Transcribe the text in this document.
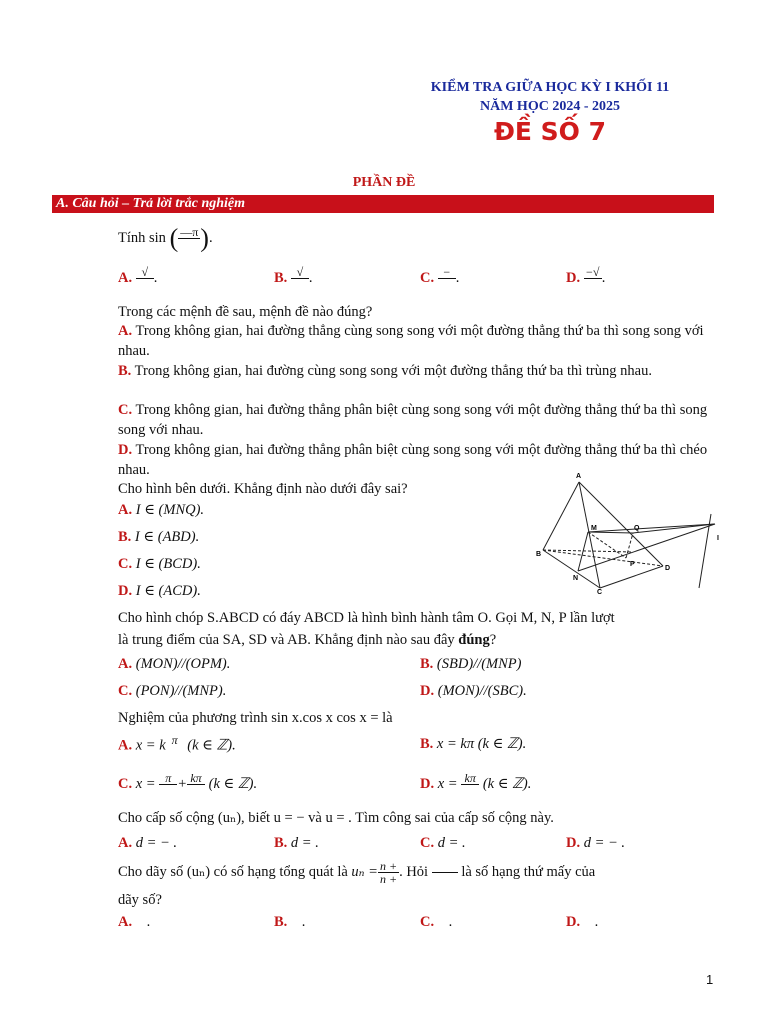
KIỂM TRA GIỮA HỌC KỲ I KHỐI 11
NĂM HỌC 2024 - 2025
ĐỀ SỐ 7
PHẦN ĐỀ
A. Câu hỏi – Trả lời trắc nghiệm
Tính sin ( —π
).
A. √
.	B. √
.	C. −
.	D. −√
.
Trong các mệnh đề sau, mệnh đề nào đúng?
A. Trong không gian, hai đường thẳng cùng song song với một đường thẳng thứ ba thì song song với nhau.
B. Trong không gian, hai đường cùng song song với một đường thẳng thứ ba thì trùng nhau.
C. Trong không gian, hai đường thẳng phân biệt cùng song song với một đường thẳng thứ ba thì song song với nhau.
D. Trong không gian, hai đường thẳng phân biệt cùng song song với một đường thẳng thứ ba thì chéo nhau.
Cho hình bên dưới. Khẳng định nào dưới đây sai?
A. I ∈ (MNQ).
B. I ∈ (ABD).
C. I ∈ (BCD).
D. I ∈ (ACD).
A
M	Q
I
B
P
D
N
C
Cho hình chóp S.ABCD có đáy ABCD là hình bình hành tâm O. Gọi M, N, P lần lượt
là trung điểm của SA, SD và AB. Khẳng định nào sau đây đúng?
A. (MON)//(OPM).	B. (SBD)//(MNP)
C. (PON)//(MNP).	D. (MON)//(SBC).
Nghiệm của phương trình sin x.cos x cos x = là
A. x = k π
(k ∈ ℤ).	B. x = kπ (k ∈ ℤ).
C. x = π
+ kπ
(k ∈ ℤ).	D. x = kπ
(k ∈ ℤ).
Cho cấp số cộng (uₙ), biết u = − và u = . Tìm công sai của cấp số cộng này.
A. d = − .	B. d = .	C. d = .	D. d = − .
Cho dãy số (uₙ) có số hạng tổng quát là $u_n = \frac{n +}{n +}$ . Hỏi là số hạng thứ mấy của
dãy số?
A. .	B. .	C. .	D. .
1
